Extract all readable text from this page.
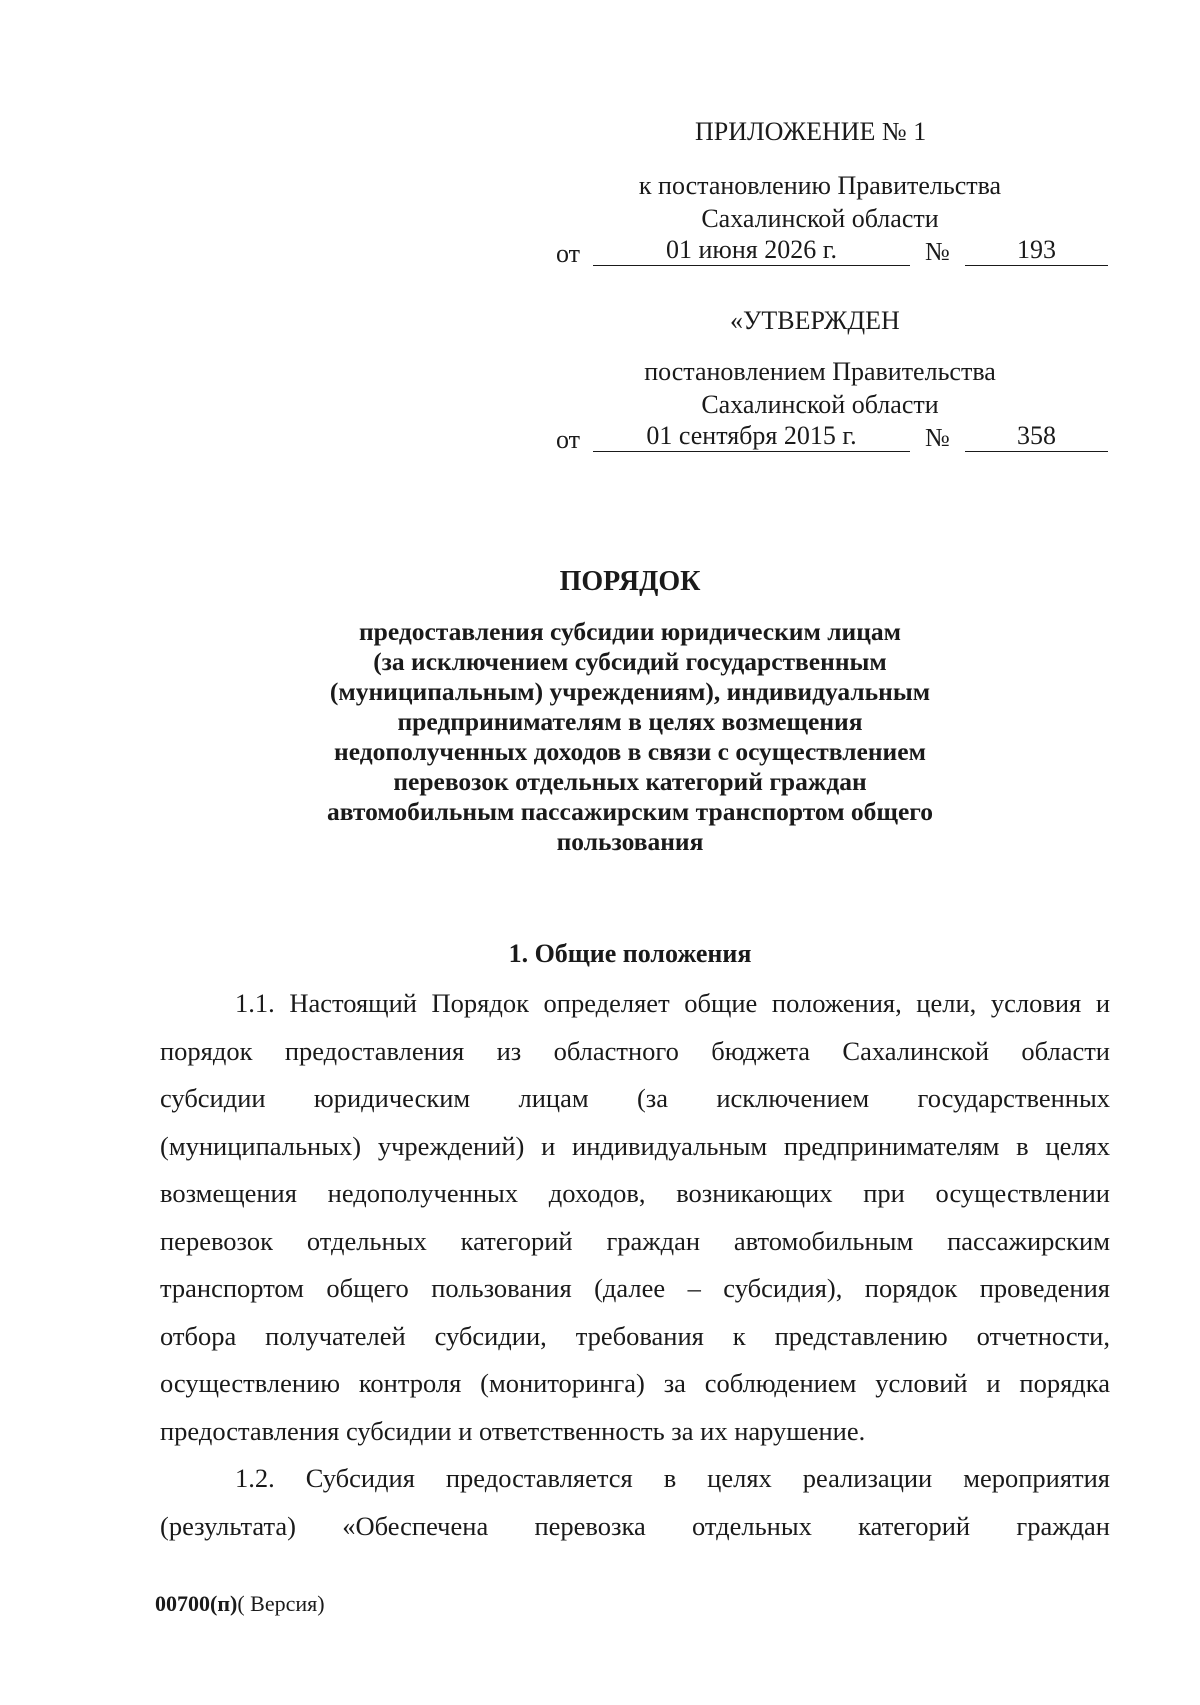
ПРИЛОЖЕНИЕ № 1
к постановлению Правительства
Сахалинской области
от	01 июня 2026 г.	№	193
«УТВЕРЖДЕН
постановлением Правительства
Сахалинской области
от	01 сентября 2015 г.	№	358
ПОРЯДОК
предоставления субсидии юридическим лицам
(за исключением субсидий государственным
(муниципальным) учреждениям), индивидуальным
предпринимателям в целях возмещения
недополученных доходов в связи с осуществлением
перевозок отдельных категорий граждан
автомобильным пассажирским транспортом общего
пользования
1. Общие положения
1.1. Настоящий Порядок определяет общие положения, цели, условия и
порядок предоставления из областного бюджета Сахалинской области
субсидии юридическим лицам (за исключением государственных
(муниципальных) учреждений) и индивидуальным предпринимателям в целях
возмещения недополученных доходов, возникающих при осуществлении
перевозок отдельных категорий граждан автомобильным пассажирским
транспортом общего пользования (далее – субсидия), порядок проведения
отбора получателей субсидии, требования к представлению отчетности,
осуществлению контроля (мониторинга) за соблюдением условий и порядка
предоставления субсидии и ответственность за их нарушение.
1.2. Субсидия предоставляется в целях реализации мероприятия
(результата) «Обеспечена перевозка отдельных категорий граждан
00700(п)( Версия)
